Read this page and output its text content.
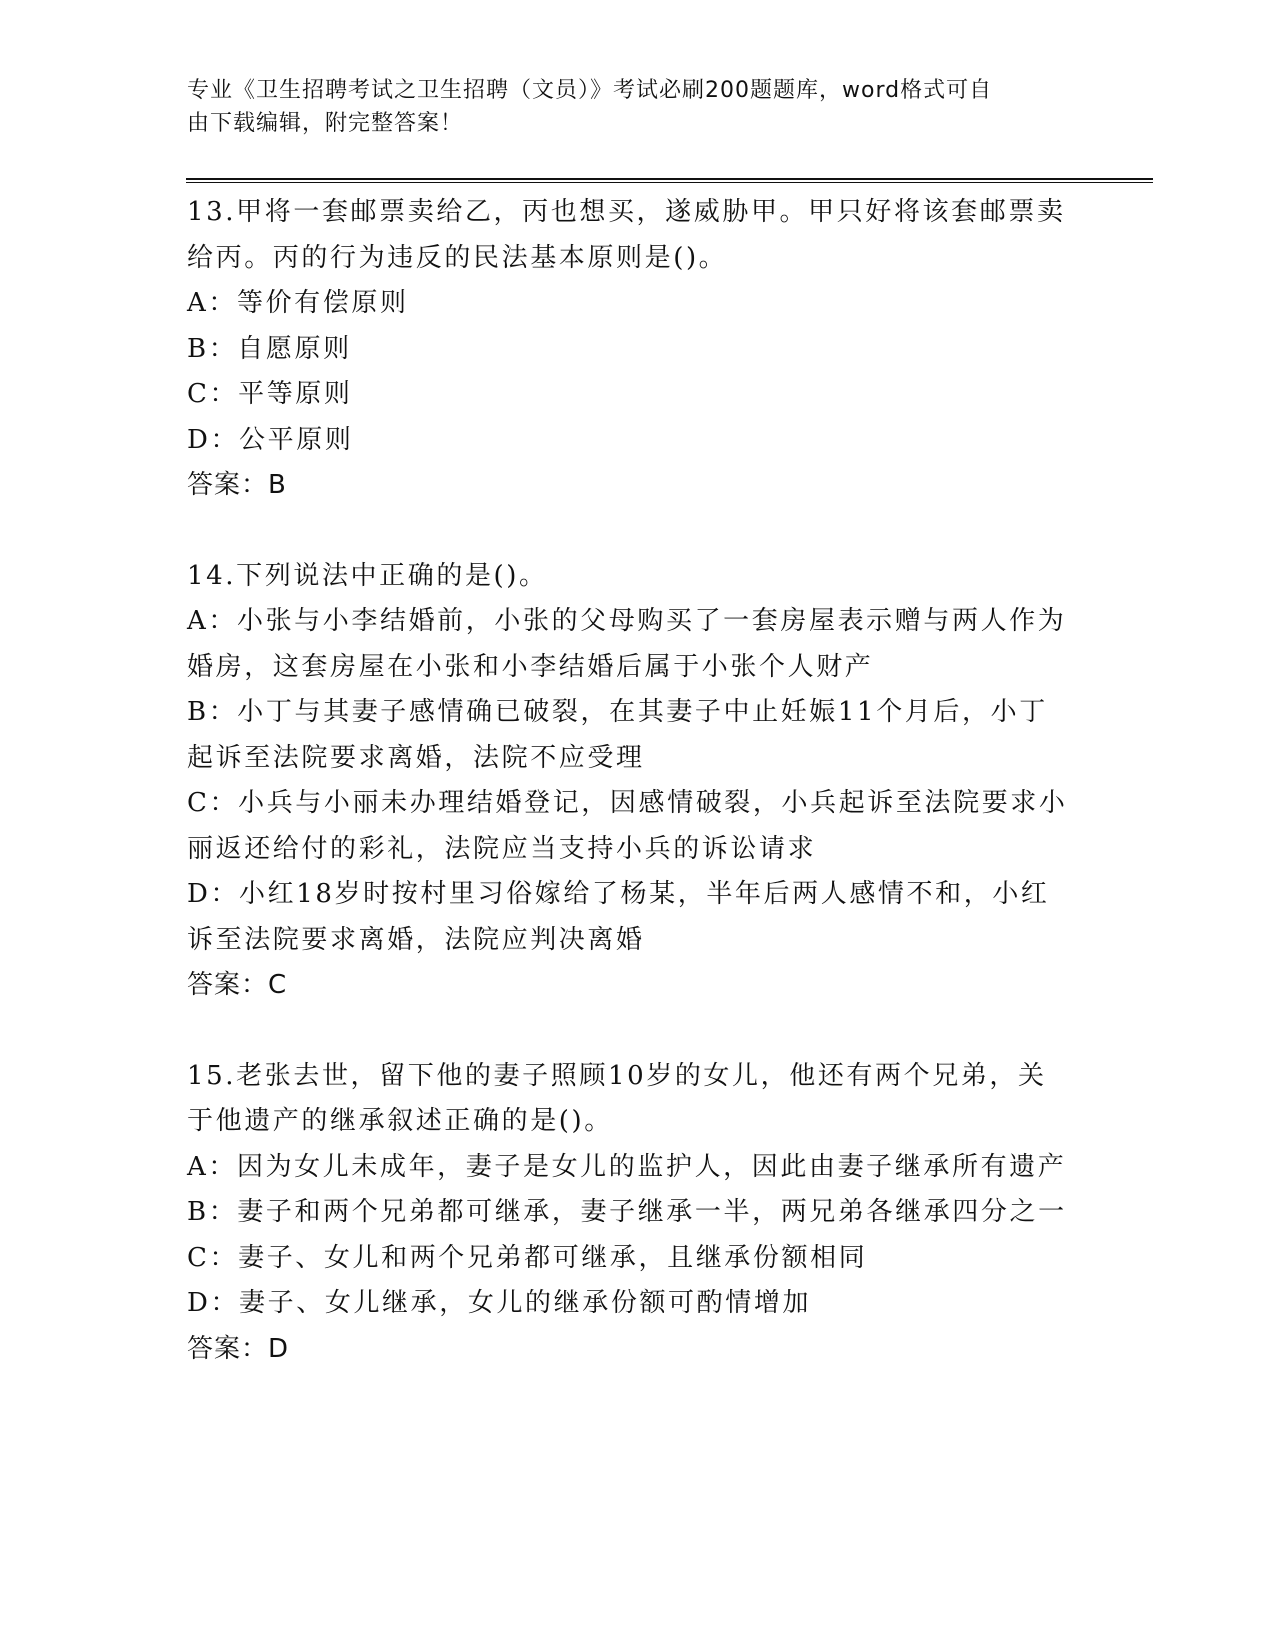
专业《卫生招聘考试之卫生招聘（文员）》考试必刷200题题库，word格式可自
由下载编辑，附完整答案！
13.甲将一套邮票卖给乙，丙也想买，遂威胁甲。甲只好将该套邮票卖
给丙。丙的行为违反的民法基本原则是()。
A：等价有偿原则
B：自愿原则
C：平等原则
D：公平原则
答案：B
14.下列说法中正确的是()。
A：小张与小李结婚前，小张的父母购买了一套房屋表示赠与两人作为
婚房，这套房屋在小张和小李结婚后属于小张个人财产
B：小丁与其妻子感情确已破裂，在其妻子中止妊娠11个月后，小丁
起诉至法院要求离婚，法院不应受理
C：小兵与小丽未办理结婚登记，因感情破裂，小兵起诉至法院要求小
丽返还给付的彩礼，法院应当支持小兵的诉讼请求
D：小红18岁时按村里习俗嫁给了杨某，半年后两人感情不和，小红
诉至法院要求离婚，法院应判决离婚
答案：C
15.老张去世，留下他的妻子照顾10岁的女儿，他还有两个兄弟，关
于他遗产的继承叙述正确的是()。
A：因为女儿未成年，妻子是女儿的监护人，因此由妻子继承所有遗产
B：妻子和两个兄弟都可继承，妻子继承一半，两兄弟各继承四分之一
C：妻子、女儿和两个兄弟都可继承，且继承份额相同
D：妻子、女儿继承，女儿的继承份额可酌情增加
答案：D
